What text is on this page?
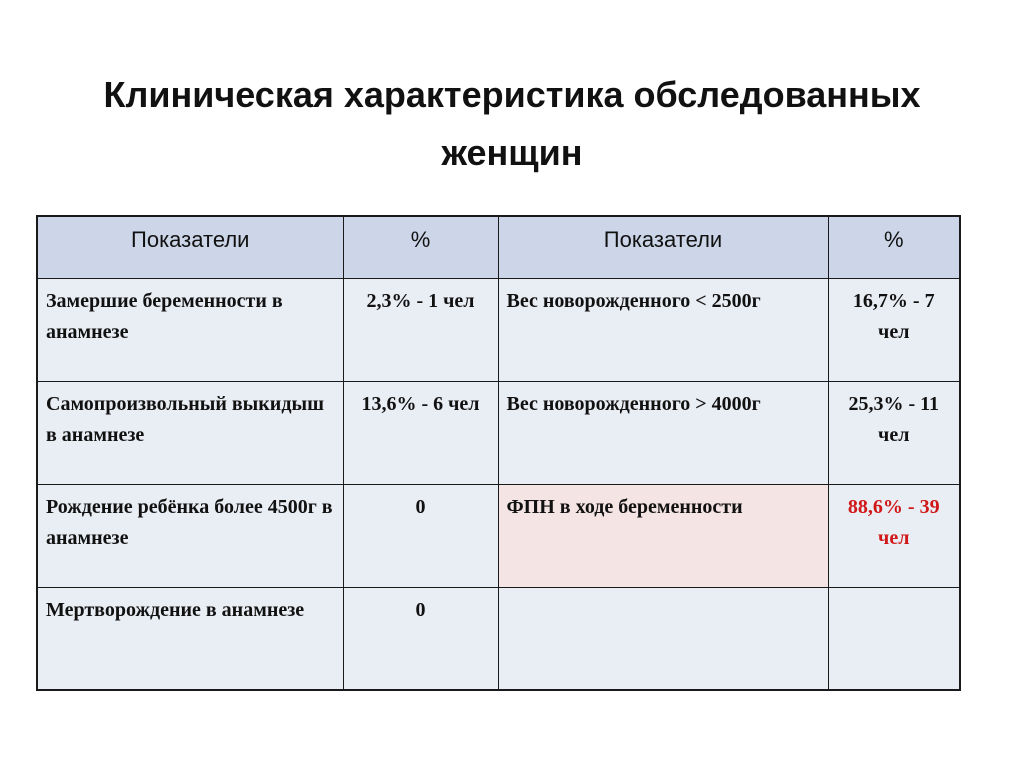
Клиническая характеристика обследованных
женщин
Показатели	%	Показатели	%
Замершие беременности в анамнезе	2,3% - 1 чел	Вес новорожденного < 2500г	16,7% - 7 чел
Самопроизвольный выкидыш в анамнезе	13,6% - 6 чел	Вес новорожденного > 4000г	25,3% - 11 чел
Рождение ребёнка более 4500г в анамнезе	0	ФПН в ходе беременности	88,6% - 39 чел
Мертворождение в анамнезе	0		
